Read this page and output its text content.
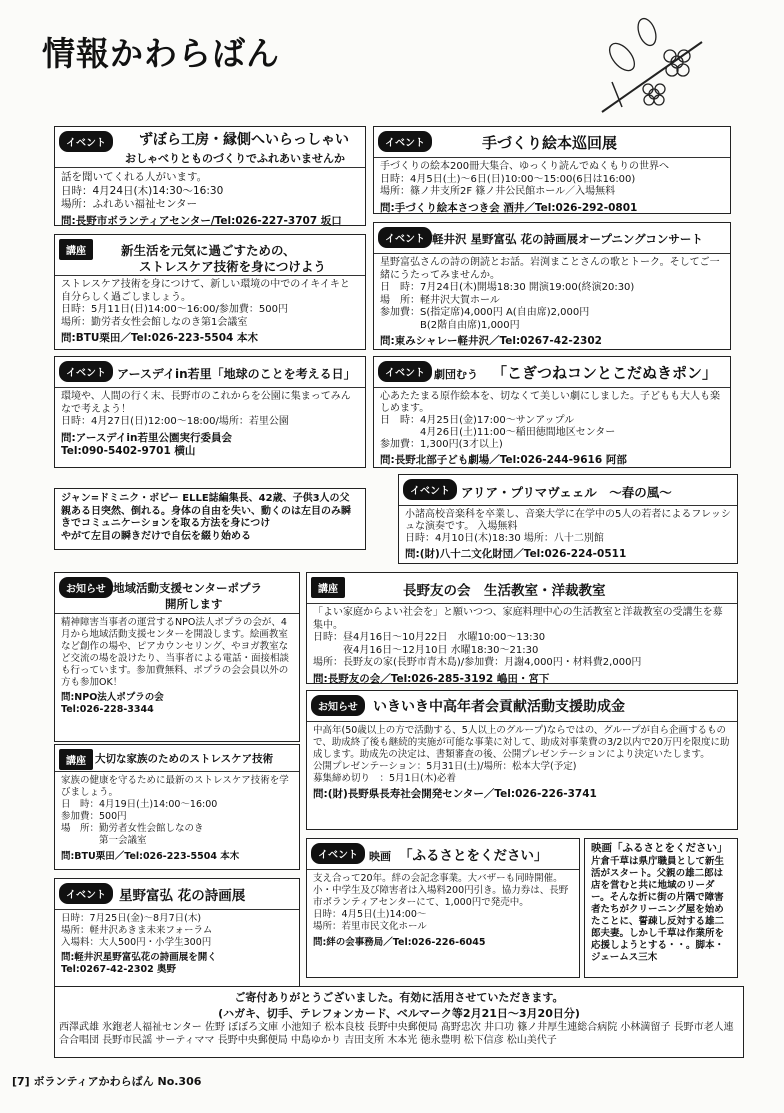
情報かわらばん
イベント	ずぼら工房・縁側へいらっしゃい
おしゃべりとものづくりでふれあいませんか
話を聞いてくれる人がいます。
日時：4月24日(木)14:30～16:30
場所：ふれあい福祉センター
問:長野市ボランティアセンター/Tel:026-227-3707 坂口
イベント	手づくり絵本巡回展
手づくりの絵本200冊大集合、ゆっくり読んでぬくもりの世界へ
日時：4月5日(土)～6日(日)10:00～15:00(6日は16:00)
場所：篠ノ井支所2F 篠ノ井公民館ホール／入場無料
問:手づくり絵本さつき会 酒井／Tel:026-292-0801
講座	新生活を元気に過ごすための、
ストレスケア技術を身につけよう
ストレスケア技術を身につけて、新しい環境の中でのイキイキと自分らしく過ごしましょう。
日時：5月11日(日)14:00～16:00/参加費：500円
場所：勤労者女性会館しなのき第1会議室
問:BTU栗田／Tel:026-223-5504 本木
イベント 軽井沢 星野富弘 花の詩画展オープニングコンサート
星野富弘さんの詩の朗読とお話。岩渕まことさんの歌とトーク。そしてご一緒にうたってみませんか。
日　時：7月24日(木)開場18:30 開演19:00(終演20:30)
場　所：軽井沢大賀ホール
参加費：S(指定席)4,000円 A(自由席)2,000円
　　　　B(2階自由席)1,000円
問:東みシャレー軽井沢／Tel:0267-42-2302
イベント アースデイin若里「地球のことを考える日」
環境や、人間の行く末、長野市のこれからを公園に集まってみんなで考えよう！
日時：4月27日(日)12:00～18:00/場所：若里公園
問:アースデイin若里公園実行委員会
Tel:090-5402-9701 横山
イベント 劇団むう 「こぎつねコンとこだぬきポン」
心あたたまる原作絵本を、切なくて美しい劇にしました。子どもも大人も楽しめます。
日　時：4月25日(金)17:00～サンアップル
　　　　4月26日(土)11:00～稲田徳間地区センター
参加費：1,300円(3才以上)
問:長野北部子ども劇場／Tel:026-244-9616 阿部
ジャン=ドミニク・ボビー ELLE誌編集長、42歳、子供3人の父親ある日突然、倒れる。身体の自由を失い、動くのは左目のみ瞬きでコミュニケーションを取る方法を身につけ
やがて左目の瞬きだけで自伝を綴り始める
イベント アリア・プリマヴェェル　～春の風～
小諸高校音楽科を卒業し、音楽大学に在学中の5人の若者によるフレッシュな演奏です。 入場無料
日時：4月10日(木)18:30 場所：八十二別館
問:(財)八十二文化財団／Tel:026-224-0511
お知らせ 地域活動支援センターポプラ
開所します
精神障害当事者の運営するNPO法人ポプラの会が、4月から地域活動支援センターを開設します。絵画教室など創作の場や、ピアカウンセリング、やヨガ教室など交流の場を設けたり、当事者による電話・面接相談も行っています。参加費無料、ポプラの会会員以外の方も参加OK！
問:NPO法人ポプラの会
Tel:026-228-3344
講座	長野友の会　生活教室・洋裁教室
「よい家庭からよい社会を」と願いつつ、家庭料理中心の生活教室と洋裁教室の受講生を募集中。
日時：昼4月16日～10月22日　水曜10:00～13:30
　　　夜4月16日～12月10日 水曜18:30～21:30
場所：長野友の家(長野市青木島)/参加費：月謝4,000円・材料費2,000円
問:長野友の会／Tel:026-285-3192 嶋田・宮下
お知らせ	いきいき中高年者会貢献活動支援助成金
中高年(50歳以上の方で活動する、5人以上のグループ)ならではの、グループが自ら企画するもので、助成終了後も継続的実施が可能な事業に対して、助成対事業費の3/2以内で20万円を限度に助成します。助成先の決定は、書類審査の後、公開プレゼンテーションにより決定いたします。
公開プレゼンテーション：5月31日(土)/場所：松本大学(予定)
募集締め切り　：5月1日(木)必着
問:(財)長野県長寿社会開発センター／Tel:026-226-3741
講座 大切な家族のためのストレスケア技術
家族の健康を守るために最新のストレスケア技術を学びましょう。
日　時：4月19日(土)14:00～16:00
参加費：500円
場　所：勤労者女性会館しなのき
　　　　第一会議室
問:BTU栗田／Tel:026-223-5504 本木
イベント 星野富弘 花の詩画展
日時：7月25日(金)～8月7日(木)
場所：軽井沢あきま未来フォーラム
入場料：大人500円・小学生300円
問:軽井沢星野富弘花の詩画展を開く
Tel:0267-42-2302 奥野
イベント	映画 「ふるさとをください」
支え合って20年。絆の会記念事業。大バザーも同時開催。小・中学生及び障害者は入場料200円引き。協力券は、長野市ボランティアセンターにて、1,000円で発売中。
日時：4月5日(土)14:00～
場所：若里市民文化ホール
問:絆の会事務局／Tel:026-226-6045
映画「ふるさとをください」
片倉千草は県庁職員として新生活がスタート。父親の雄二郎は店を営むと共に地域のリーダー。そんな折に街の片隅で障害者たちがクリーニング屋を始めたことに、誓疎し反対する雄二郎夫妻。しかし千草は作業所を応援しようとする・・。脚本・ジェームス三木
ご寄付ありがとうございました。有効に活用させていただきます。
(ハガキ、切手、テレフォンカード、ベルマーク等2月21日～3月20日分)
西澤武雄 氷鉋老人福祉センター 佐野 ぼぼろ文庫 小池知子 松本良枝 長野中央郵便局 髙野忠次 井口功 篠ノ井厚生連総合病院 小林満留子 長野市老人連合合唱団 長野市民謡 サーティママ 長野中央郵便局 中島ゆかり 吉田支所 木本光 徳永豊明 松下信彦 松山美代子
[7] ボランティアかわらばん No.306
